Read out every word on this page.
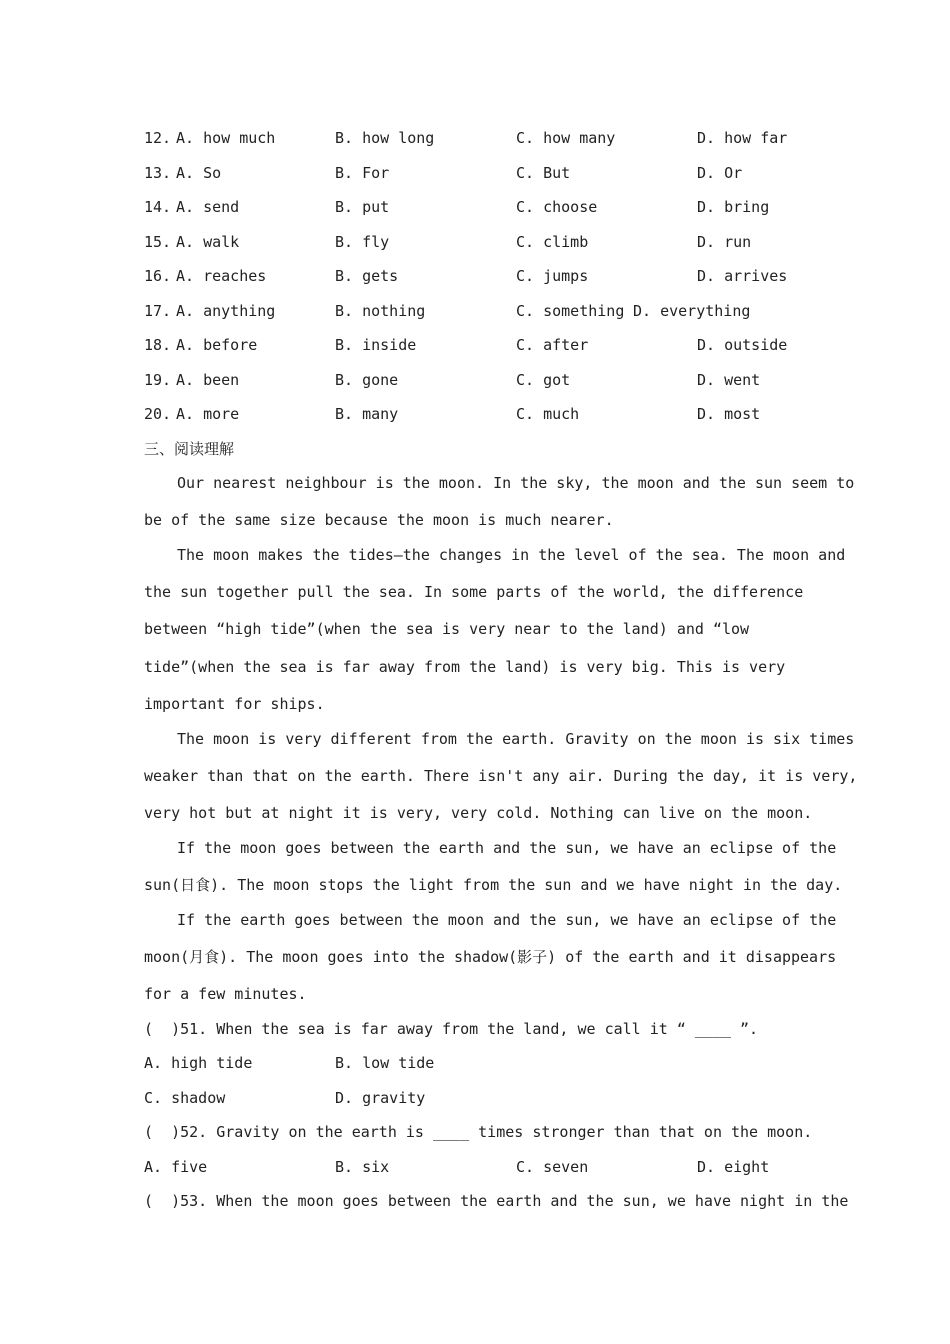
12. A. how much	B. how long	C. how many	D. how far
13. A. So	B. For	C. But	D. Or
14. A. send	B. put	C. choose	D. bring
15. A. walk	B. fly	C. climb	D. run
16. A. reaches	B. gets	C. jumps	D. arrives
17. A. anything	B. nothing	C. something D. everything
18. A. before	B. inside	C. after	D. outside
19. A. been	B. gone	C. got	D. went
20. A. more	B. many	C. much	D. most
三、阅读理解
Our nearest neighbour is the moon. In the sky, the moon and the sun seem to
be of the same size because the moon is much nearer.
The moon makes the tides—the changes in the level of the sea. The moon and
the sun together pull the sea. In some parts of the world, the difference
between “high tide”(when the sea is very near to the land) and “low
tide”(when the sea is far away from the land) is very big. This is very
important for ships.
The moon is very different from the earth. Gravity on the moon is six times
weaker than that on the earth. There isn't any air. During the day, it is very,
very hot but at night it is very, very cold. Nothing can live on the moon.
If the moon goes between the earth and the sun, we have an eclipse of the
sun(日食). The moon stops the light from the sun and we have night in the day.
If the earth goes between the moon and the sun, we have an eclipse of the
moon(月食). The moon goes into the shadow(影子) of the earth and it disappears
for a few minutes.
(  )51. When the sea is far away from the land, we call it “ ____ ”.
A. high tide	B. low tide
C. shadow	D. gravity
(  )52. Gravity on the earth is ____ times stronger than that on the moon.
A. five	B. six	C. seven	D. eight
(  )53. When the moon goes between the earth and the sun, we have night in the
